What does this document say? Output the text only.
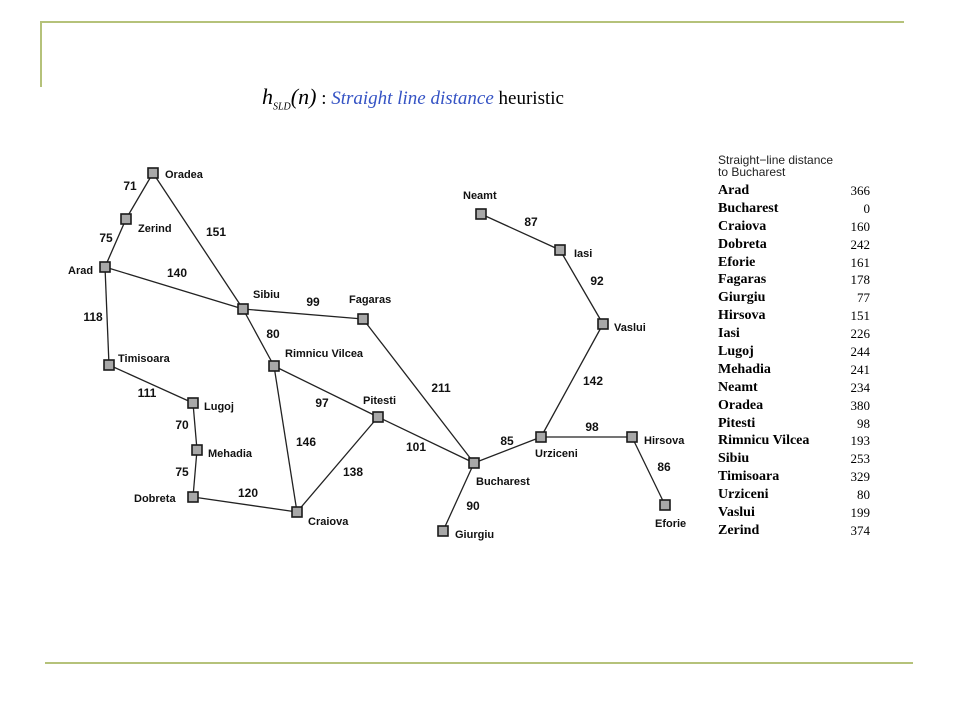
$h_{SLD}(n)$ : Straight line distance heuristic
71
75	151
140
118
99
80
111
70
75
120
97
146
138
211
101
90
85
98
86
142
92
87
Oradea
Zerind
Arad
Sibiu	Fagaras
Timisoara	Rimnicu Vilcea
Lugoj
Mehadia
Dobreta
Craiova
Pitesti
Bucharest
Giurgiu
Urziceni
Hirsova
Eforie
Vaslui
Iasi
Neamt
Straight−line distance
to Bucharest
Arad	366
Bucharest	0
Craiova	160
Dobreta	242
Eforie	161
Fagaras	178
Giurgiu	77
Hirsova	151
Iasi	226
Lugoj	244
Mehadia	241
Neamt	234
Oradea	380
Pitesti	98
Rimnicu Vilcea	193
Sibiu	253
Timisoara	329
Urziceni	80
Vaslui	199
Zerind	374
